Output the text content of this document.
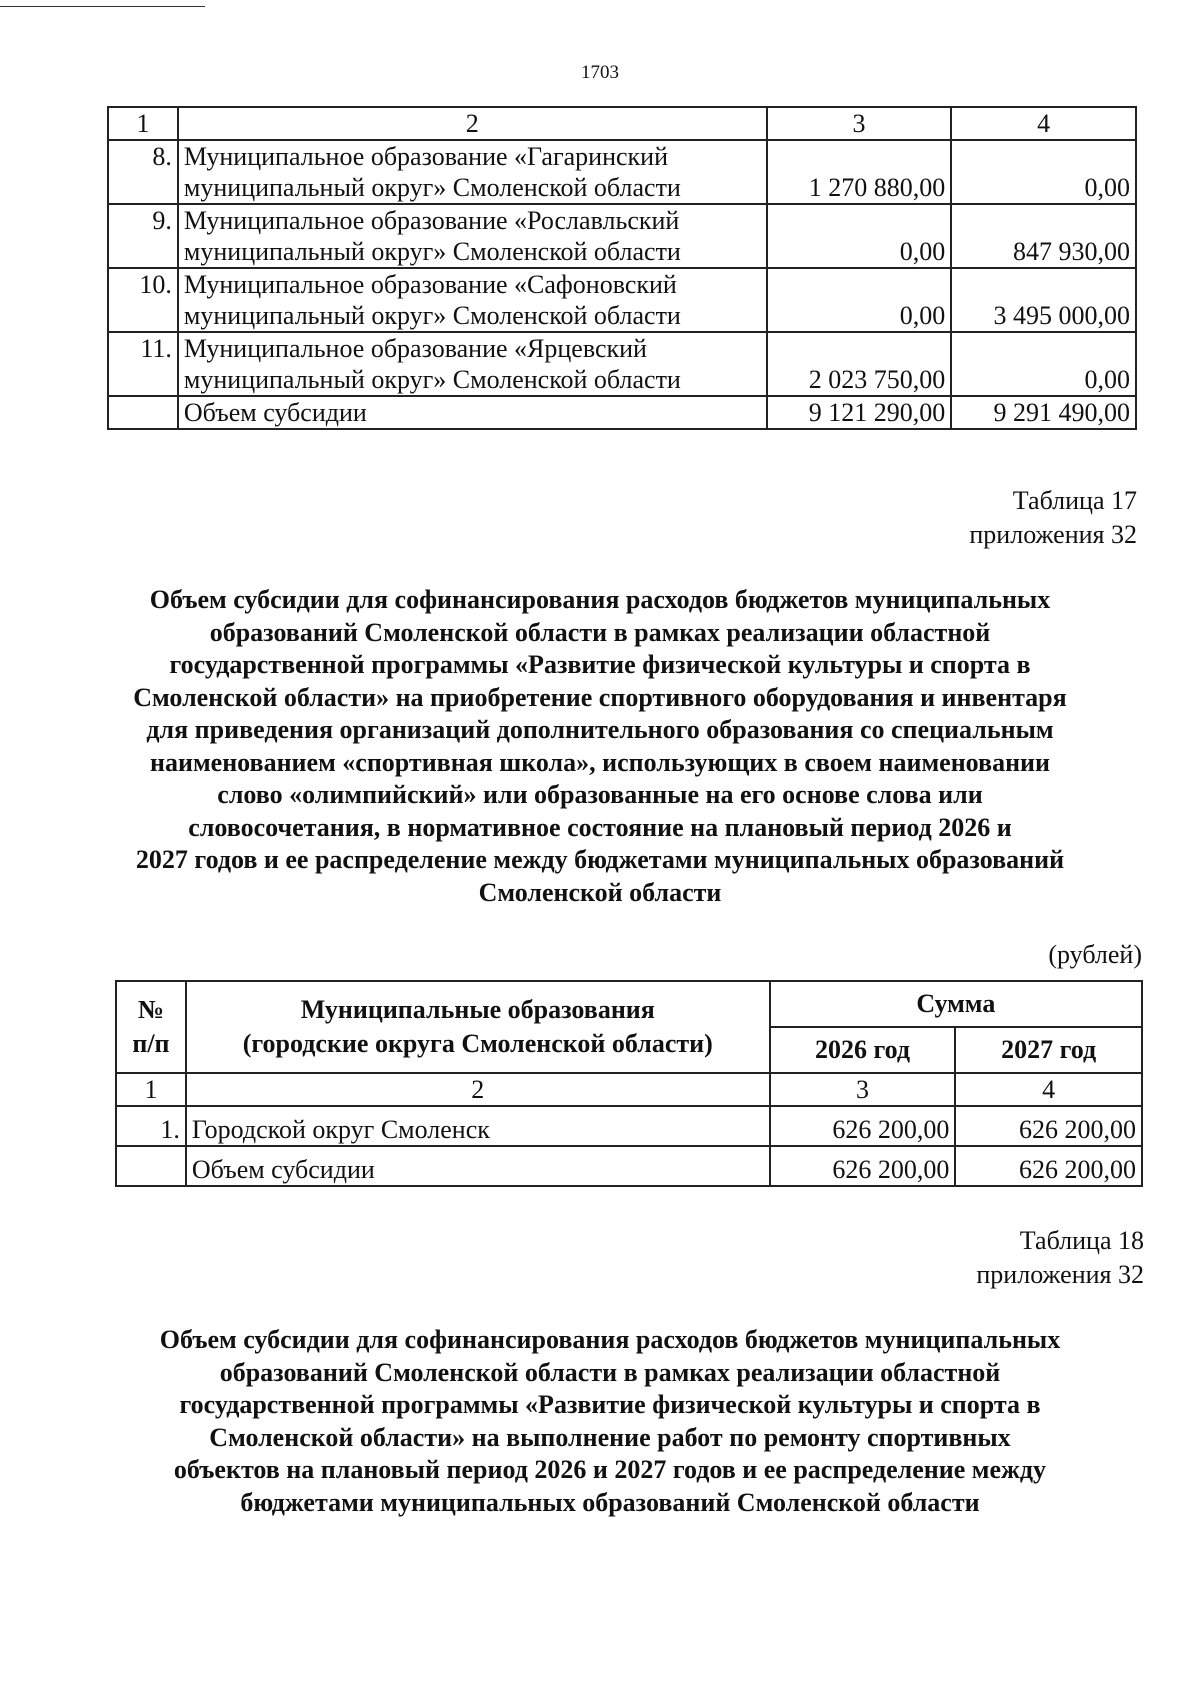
1703
1	2	3	4
8.	Муниципальное образование «Гагаринский
муниципальный округ» Смоленской области	1 270 880,00	0,00
9.	Муниципальное образование «Рославльский
муниципальный округ» Смоленской области	0,00	847 930,00
10.	Муниципальное образование «Сафоновский
муниципальный округ» Смоленской области	0,00	3 495 000,00
11.	Муниципальное образование «Ярцевский
муниципальный округ» Смоленской области	2 023 750,00	0,00
	Объем субсидии	9 121 290,00	9 291 490,00
Таблица 17
приложения 32
Объем субсидии для софинансирования расходов бюджетов муниципальных
образований Смоленской области в рамках реализации областной
государственной программы «Развитие физической культуры и спорта в
Смоленской области» на приобретение спортивного оборудования и инвентаря
для приведения организаций дополнительного образования со специальным
наименованием «спортивная школа», использующих в своем наименовании
слово «олимпийский» или образованные на его основе слова или
словосочетания, в нормативное состояние на плановый период 2026 и
2027 годов и ее распределение между бюджетами муниципальных образований
Смоленской области
(рублей)
№
п/п	Муниципальные образования
(городские округа Смоленской области)	Сумма	
		2026 год	2027 год
1	2	3	4
1.	Городской округ Смоленск	626 200,00	626 200,00
	Объем субсидии	626 200,00	626 200,00
Таблица 18
приложения 32
Объем субсидии для софинансирования расходов бюджетов муниципальных
образований Смоленской области в рамках реализации областной
государственной программы «Развитие физической культуры и спорта в
Смоленской области» на выполнение работ по ремонту спортивных
объектов на плановый период 2026 и 2027 годов и ее распределение между
бюджетами муниципальных образований Смоленской области
